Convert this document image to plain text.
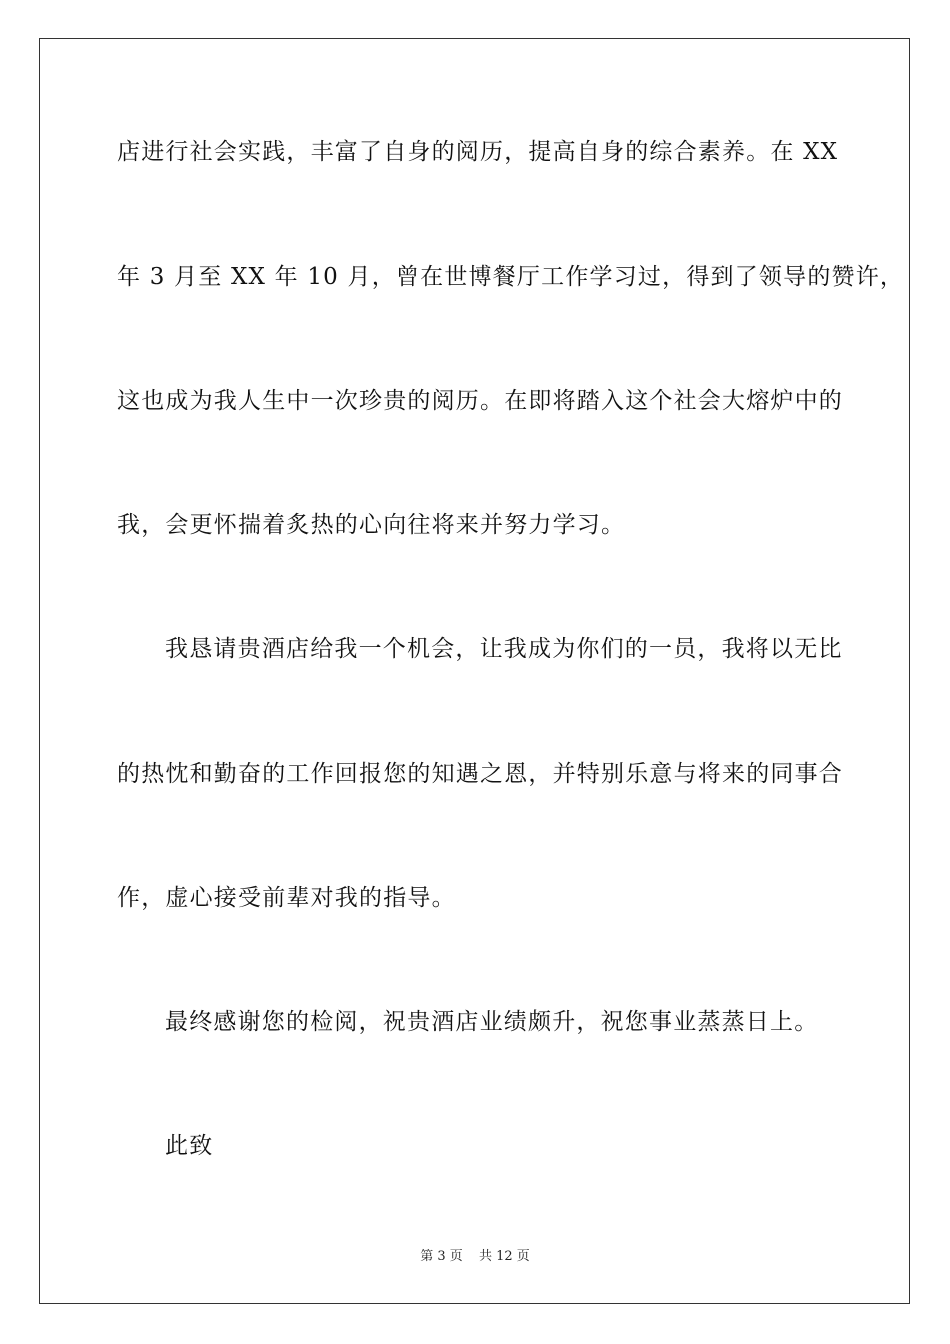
店进行社会实践，丰富了自身的阅历，提高自身的综合素养。在 XX
年 3 月至 XX 年 10 月，曾在世博餐厅工作学习过，得到了领导的赞许，
这也成为我人生中一次珍贵的阅历。在即将踏入这个社会大熔炉中的
我，会更怀揣着炙热的心向往将来并努力学习。
我恳请贵酒店给我一个机会，让我成为你们的一员，我将以无比
的热忱和勤奋的工作回报您的知遇之恩，并特别乐意与将来的同事合
作，虚心接受前辈对我的指导。
最终感谢您的检阅，祝贵酒店业绩颇升，祝您事业蒸蒸日上。
此致
第 3 页 共 12 页
